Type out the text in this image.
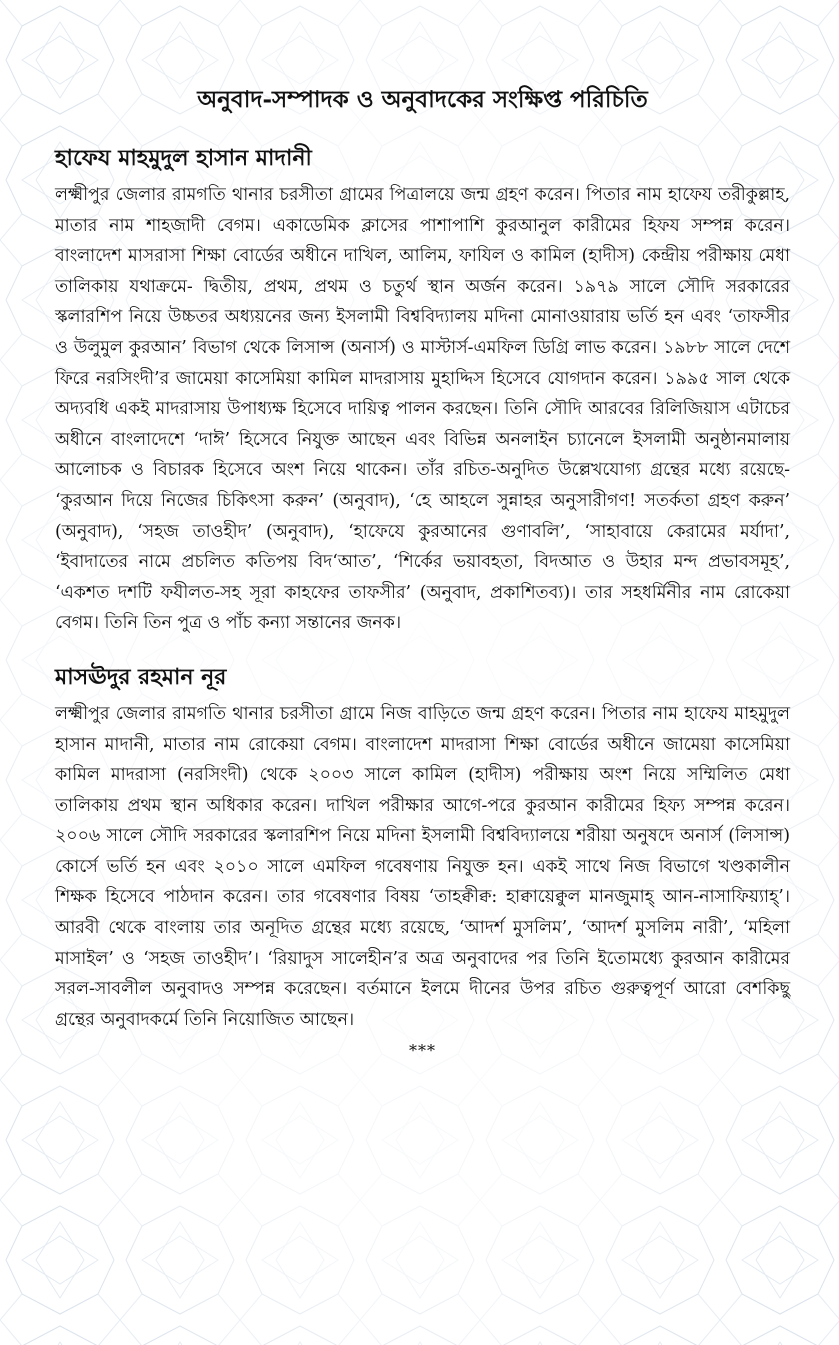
অনুবাদ-সম্পাদক ও অনুবাদকের সংক্ষিপ্ত পরিচিতি
হাফেয মাহমুদুল হাসান মাদানী

লক্ষ্মীপুর জেলার রামগতি থানার চরসীতা গ্রামের পিত্রালয়ে জন্ম গ্রহণ করেন। পিতার নাম হাফেয তরীকুল্লাহ, মাতার নাম শাহজাদী বেগম। একাডেমিক ক্লাসের পাশাপাশি কুরআনুল কারীমের হিফয সম্পন্ন করেন। বাংলাদেশ মাসরাসা শিক্ষা বোর্ডের অধীনে দাখিল, আলিম, ফাযিল ও কামিল (হাদীস) কেন্দ্রীয় পরীক্ষায় মেধা তালিকায় যথাক্রমে- দ্বিতীয়, প্রথম, প্রথম ও চতুর্থ স্থান অর্জন করেন। ১৯৭৯ সালে সৌদি সরকারের স্কলারশিপ নিয়ে উচ্চতর অধ্যয়নের জন্য ইসলামী বিশ্ববিদ্যালয় মদিনা মোনাওয়ারায় ভর্তি হন এবং ‘তাফসীর ও উলুমুল কুরআন’ বিভাগ থেকে লিসান্স (অনার্স) ও মাস্টার্স-এমফিল ডিগ্রি লাভ করেন। ১৯৮৮ সালে দেশে ফিরে নরসিংদী’র জামেয়া কাসেমিয়া কামিল মাদরাসায় মুহাদ্দিস হিসেবে যোগদান করেন। ১৯৯৫ সাল থেকে অদ্যবধি একই মাদরাসায় উপাধ্যক্ষ হিসেবে দায়িত্ব পালন করছেন। তিনি সৌদি আরবের রিলিজিয়াস এটাচের অধীনে বাংলাদেশে ‘দাঈ’ হিসেবে নিযুক্ত আছেন এবং বিভিন্ন অনলাইন চ্যানেলে ইসলামী অনুষ্ঠানমালায় আলোচক ও বিচারক হিসেবে অংশ নিয়ে থাকেন। তাঁর রচিত-অনুদিত উল্লেখযোগ্য গ্রন্থের মধ্যে রয়েছে- ‘কুরআন দিয়ে নিজের চিকিৎসা করুন’ (অনুবাদ), ‘হে আহলে সুন্নাহর অনুসারীগণ! সতর্কতা গ্রহণ করুন’ (অনুবাদ), ‘সহজ তাওহীদ’ (অনুবাদ), ‘হাফেযে কুরআনের গুণাবলি’, ‘সাহাবায়ে কেরামের মর্যাদা’, ‘ইবাদাতের নামে প্রচলিত কতিপয় বিদ‘আত’, ‘শির্কের ভয়াবহতা, বিদআত ও উহার মন্দ প্রভাবসমূহ’, ‘একশত দশটি ফযীলত-সহ সূরা কাহফের তাফসীর’ (অনুবাদ, প্রকাশিতব্য)। তার সহধর্মিনীর নাম রোকেয়া বেগম। তিনি তিন পুত্র ও পাঁচ কন্যা সন্তানের জনক।

মাসঊদুর রহমান নূর

লক্ষ্মীপুর জেলার রামগতি থানার চরসীতা গ্রামে নিজ বাড়িতে জন্ম গ্রহণ করেন। পিতার নাম হাফেয মাহমুদুল হাসান মাদানী, মাতার নাম রোকেয়া বেগম। বাংলাদেশ মাদরাসা শিক্ষা বোর্ডের অধীনে জামেয়া কাসেমিয়া কামিল মাদরাসা (নরসিংদী) থেকে ২০০৩ সালে কামিল (হাদীস) পরীক্ষায় অংশ নিয়ে সম্মিলিত মেধা তালিকায় প্রথম স্থান অধিকার করেন। দাখিল পরীক্ষার আগে-পরে কুরআন কারীমের হিফ্য সম্পন্ন করেন। ২০০৬ সালে সৌদি সরকারের স্কলারশিপ নিয়ে মদিনা ইসলামী বিশ্ববিদ্যালয়ে শরীয়া অনুষদে অনার্স (লিসান্স) কোর্সে ভর্তি হন এবং ২০১০ সালে এমফিল গবেষণায় নিযুক্ত হন। একই সাথে নিজ বিভাগে খণ্ডকালীন শিক্ষক হিসেবে পাঠদান করেন। তার গবেষণার বিষয় ‘তাহক্বীক্ব: হাক্বায়েক্বুল মানজুমাহ্ আন-নাসাফিয়্যাহ্’। আরবী থেকে বাংলায় তার অনূদিত গ্রন্থের মধ্যে রয়েছে, ‘আদর্শ মুসলিম’, ‘আদর্শ মুসলিম নারী’, ‘মহিলা মাসাইল’ ও ‘সহজ তাওহীদ’। ‘রিয়াদুস সালেহীন’র অত্র অনুবাদের পর তিনি ইতোমধ্যে কুরআন কারীমের সরল-সাবলীল অনুবাদও সম্পন্ন করেছেন। বর্তমানে ইলমে দীনের উপর রচিত গুরুত্বপূর্ণ আরো বেশকিছু গ্রন্থের অনুবাদকর্মে তিনি নিয়োজিত আছেন।

***
